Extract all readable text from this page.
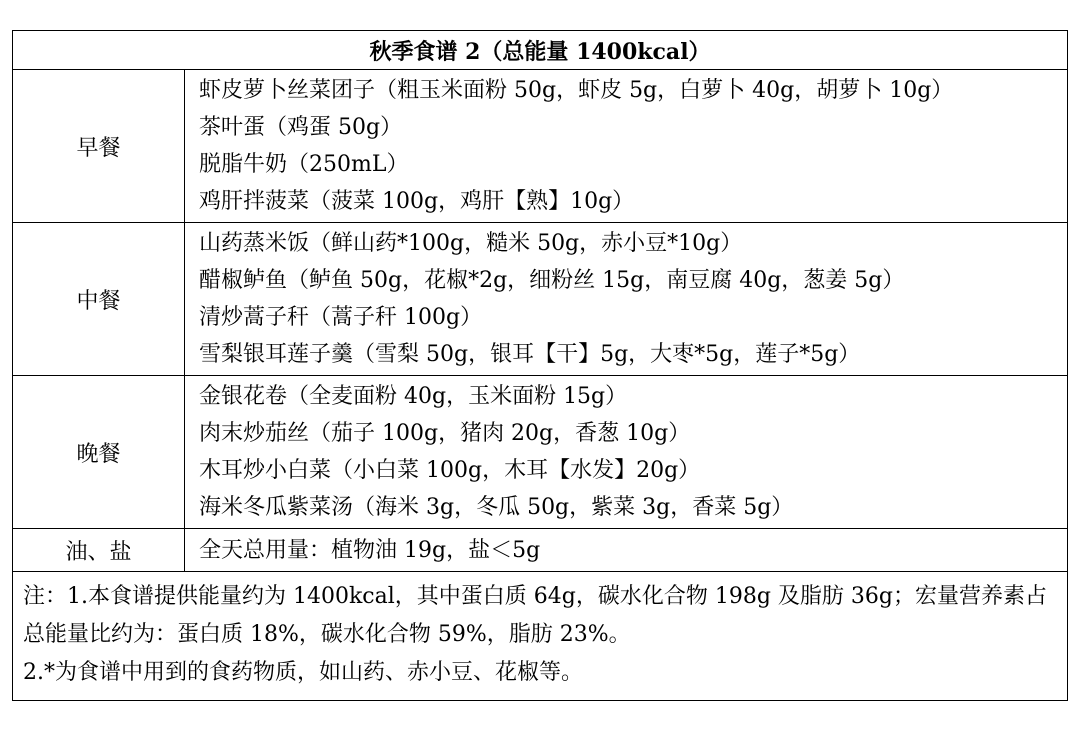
秋季食谱 2（总能量 1400kcal）	
早餐	虾皮萝卜丝菜团子（粗玉米面粉 50g，虾皮 5g，白萝卜 40g，胡萝卜 10g）
茶叶蛋（鸡蛋 50g）
脱脂牛奶（250mL）
鸡肝拌菠菜（菠菜 100g，鸡肝【熟】10g）

中餐	山药蒸米饭（鲜山药*100g，糙米 50g，赤小豆*10g）
醋椒鲈鱼（鲈鱼 50g，花椒*2g，细粉丝 15g，南豆腐 40g，葱姜 5g）
清炒蒿子秆（蒿子秆 100g）
雪梨银耳莲子羹（雪梨 50g，银耳【干】5g，大枣*5g，莲子*5g）

晚餐	金银花卷（全麦面粉 40g，玉米面粉 15g）
肉末炒茄丝（茄子 100g，猪肉 20g，香葱 10g）
木耳炒小白菜（小白菜 100g，木耳【水发】20g）
海米冬瓜紫菜汤（海米 3g，冬瓜 50g，紫菜 3g，香菜 5g）

油、盐	全天总用量：植物油 19g，盐＜5g

注：1.本食谱提供能量约为 1400kcal，其中蛋白质 64g，碳水化合物 198g 及脂肪 36g；宏量营养素占总能量比约为：蛋白质 18%，碳水化合物 59%，脂肪 23%。
2.*为食谱中用到的食药物质，如山药、赤小豆、花椒等。	
